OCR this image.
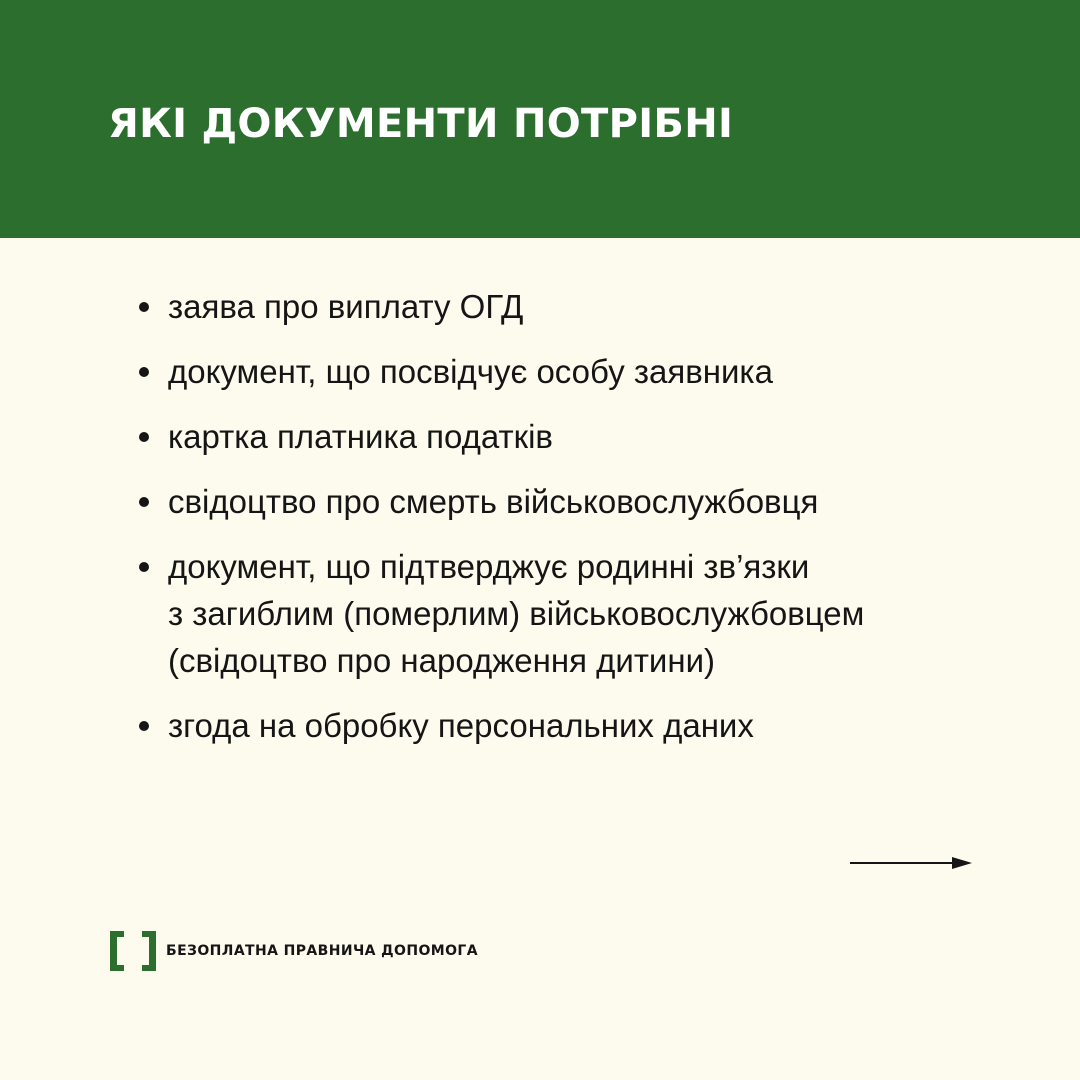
ЯКІ ДОКУМЕНТИ ПОТРІБНІ
заява про виплату ОГД
документ, що посвідчує особу заявника
картка платника податків
свідоцтво про смерть військовослужбовця
документ, що підтверджує родинні зв’язки
з загиблим (померлим) військовослужбовцем
(свідоцтво про народження дитини)
згода на обробку персональних даних
БЕЗОПЛАТНА ПРАВНИЧА ДОПОМОГА
